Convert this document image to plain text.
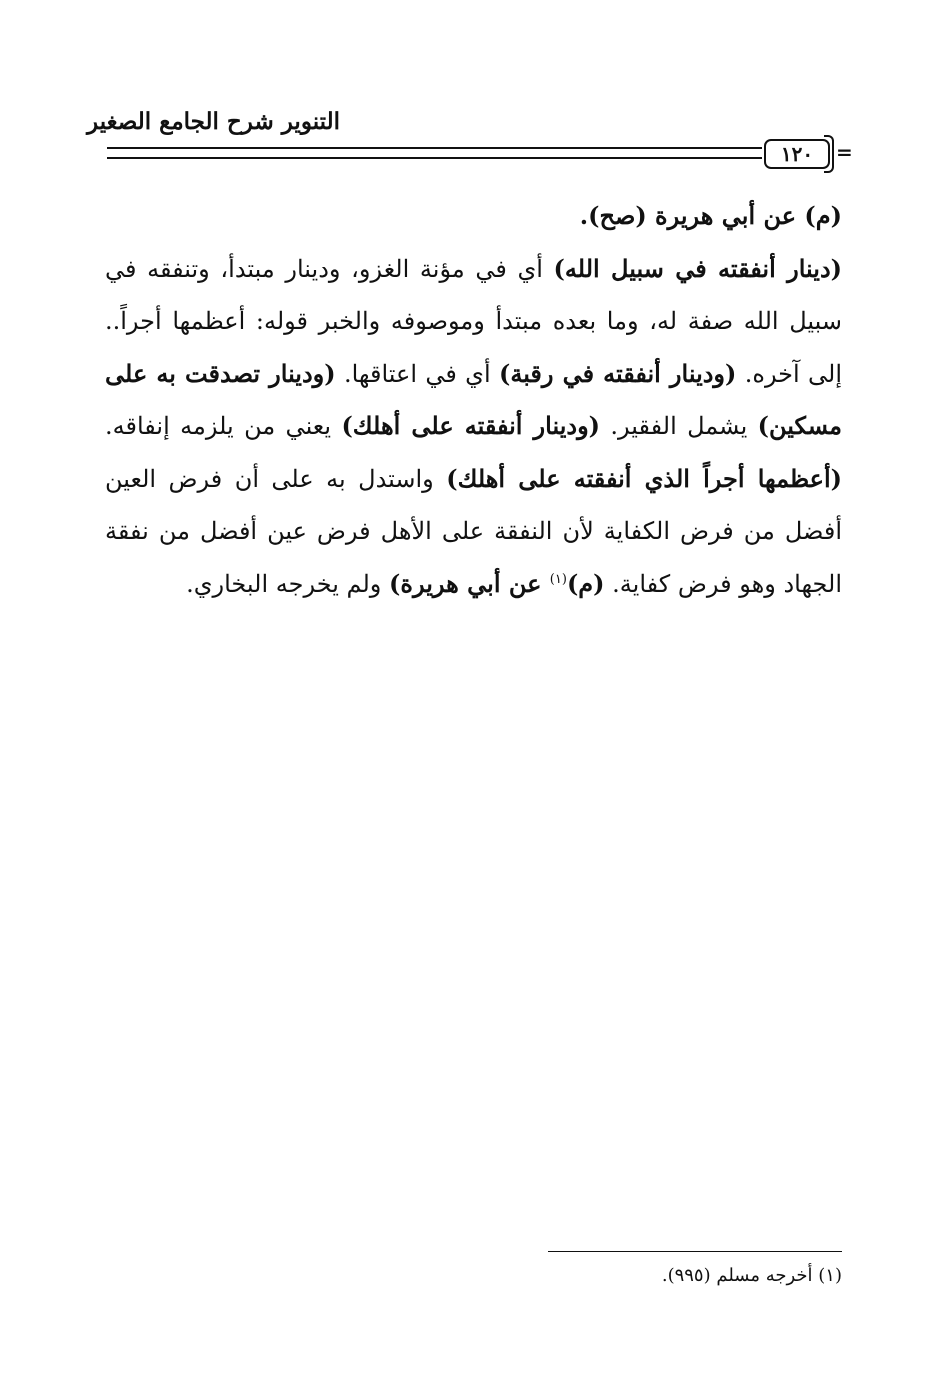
التنوير شرح الجامع الصغير
١٢٠	=

(م) عن أبي هريرة (صح).

(دينار أنفقته في سبيل الله) أي في مؤنة الغزو، ودينار مبتدأ، وتنفقه في سبيل الله صفة له، وما بعده مبتدأ وموصوفه والخبر قوله: أعظمها أجراً.. إلى آخره. (ودينار أنفقته في رقبة) أي في اعتاقها. (ودينار تصدقت به على مسكين) يشمل الفقير. (ودينار أنفقته على أهلك) يعني من يلزمه إنفاقه. (أعظمها أجراً الذي أنفقته على أهلك) واستدل به على أن فرض العين أفضل من فرض الكفاية لأن النفقة على الأهل فرض عين أفضل من نفقة الجهاد وهو فرض كفاية. (م)$^{(١)}$ عن أبي هريرة) ولم يخرجه البخاري.

(١) أخرجه مسلم (٩٩٥).
